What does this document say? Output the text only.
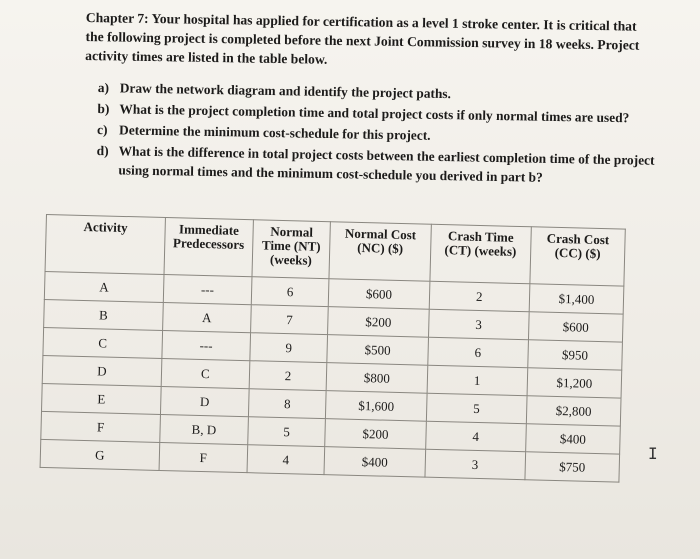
Chapter 7: Your hospital has applied for certification as a level 1 stroke center. It is critical that the following project is completed before the next Joint Commission survey in 18 weeks. Project activity times are listed in the table below.
a) Draw the network diagram and identify the project paths.
b) What is the project completion time and total project costs if only normal times are used?
c) Determine the minimum cost-schedule for this project.
d) What is the difference in total project costs between the earliest completion time of the project using normal times and the minimum cost-schedule you derived in part b?
Activity	Immediate Predecessors	Normal Time (NT) (weeks)	Normal Cost (NC) ($)	Crash Time (CT) (weeks)	Crash Cost (CC) ($)
A	---	6	$600	2	$1,400
B	A	7	$200	3	$600
C	---	9	$500	6	$950
D	C	2	$800	1	$1,200
E	D	8	$1,600	5	$2,800
F	B, D	5	$200	4	$400
G	F	4	$400	3	$750
I
